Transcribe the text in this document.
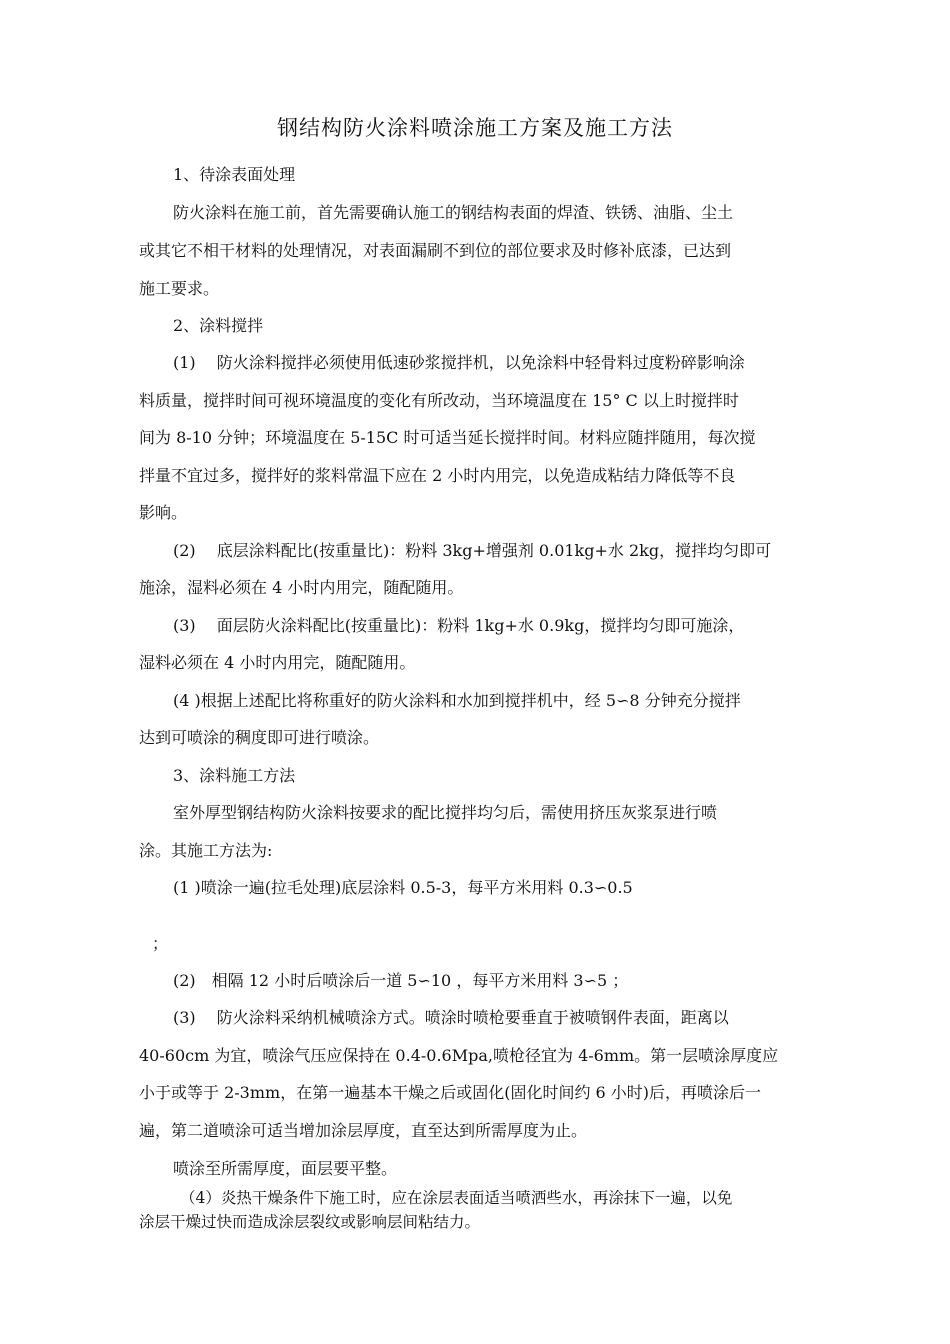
钢结构防火涂料喷涂施工方案及施工方法
1、待涂表面处理
防火涂料在施工前，首先需要确认施工的钢结构表面的焊渣、铁锈、油脂、尘土
或其它不相干材料的处理情况，对表面漏刷不到位的部位要求及时修补底漆，已达到
施工要求。
2、涂料搅拌
(1)　 防火涂料搅拌必须使用低速砂浆搅拌机，以免涂料中轻骨料过度粉碎影响涂
料质量，搅拌时间可视环境温度的变化有所改动，当环境温度在 15° C 以上时搅拌时
间为 8-10 分钟；环境温度在 5-15C 时可适当延长搅拌时间。材料应随拌随用，每次搅
拌量不宜过多，搅拌好的浆料常温下应在 2 小时内用完，以免造成粘结力降低等不良
影响。
(2)　 底层涂料配比(按重量比)：粉料 3kg+增强剂 0.01kg+水 2kg，搅拌均匀即可
施涂，湿料必须在 4 小时内用完，随配随用。
(3)　 面层防火涂料配比(按重量比)：粉料 1kg+水 0.9kg，搅拌均匀即可施涂，
湿料必须在 4 小时内用完，随配随用。
(4 )根据上述配比将称重好的防火涂料和水加到搅拌机中，经 5∽8 分钟充分搅拌
达到可喷涂的稠度即可进行喷涂。
3、涂料施工方法
室外厚型钢结构防火涂料按要求的配比搅拌均匀后，需使用挤压灰浆泵进行喷
涂。其施工方法为:
(1 )喷涂一遍(拉毛处理)底层涂料 0.5-3，每平方米用料 0.3∽0.5
；
(2)　相隔 12 小时后喷涂后一道 5∽10 ，每平方米用料 3∽5 ；
(3)　 防火涂料采纳机械喷涂方式。喷涂时喷枪要垂直于被喷钢件表面，距离以
40-60cm 为宜，喷涂气压应保持在 0.4-0.6Mpa,喷枪径宜为 4-6mm。第一层喷涂厚度应
小于或等于 2-3mm，在第一遍基本干燥之后或固化(固化时间约 6 小时)后，再喷涂后一
遍，第二道喷涂可适当增加涂层厚度，直至达到所需厚度为止。
喷涂至所需厚度，面层要平整。
（4）炎热干燥条件下施工时，应在涂层表面适当喷洒些水，再涂抹下一遍，以免
涂层干燥过快而造成涂层裂纹或影响层间粘结力。
